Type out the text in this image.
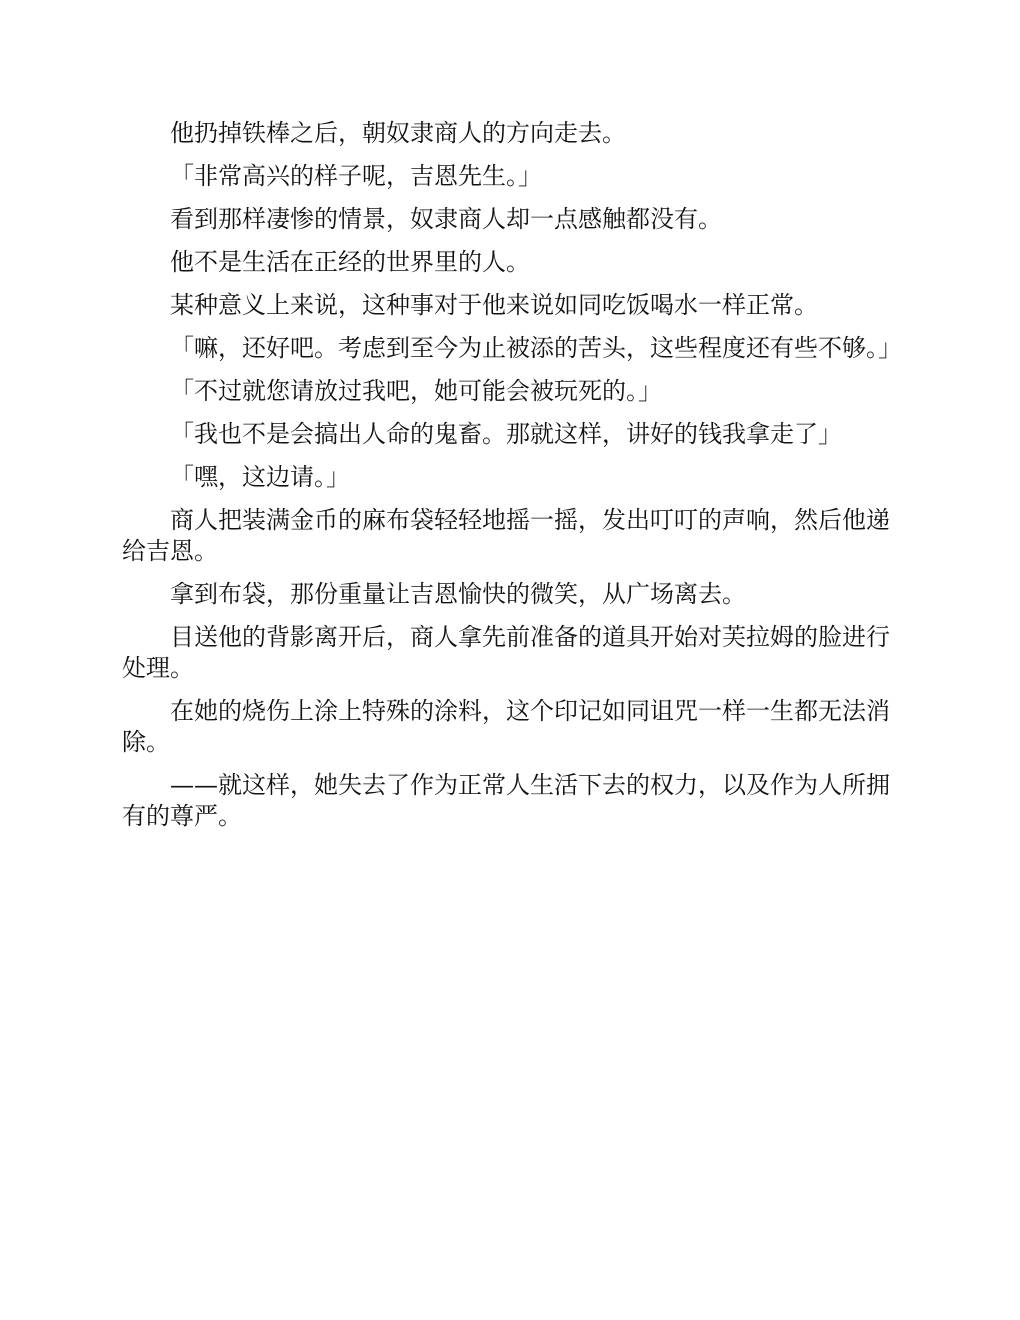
他扔掉铁棒之后，朝奴隶商人的方向走去。

「非常高兴的样子呢，吉恩先生。」

看到那样凄惨的情景，奴隶商人却一点感触都没有。

他不是生活在正经的世界里的人。

某种意义上来说，这种事对于他来说如同吃饭喝水一样正常。

「嘛，还好吧。考虑到至今为止被添的苦头，这些程度还有些不够。」

「不过就您请放过我吧，她可能会被玩死的。」

「我也不是会搞出人命的鬼畜。那就这样，讲好的钱我拿走了」

「嘿，这边请。」

商人把装满金币的麻布袋轻轻地摇一摇，发出叮叮的声响，然后他递给吉恩。

拿到布袋，那份重量让吉恩愉快的微笑，从广场离去。

目送他的背影离开后，商人拿先前准备的道具开始对芙拉姆的脸进行处理。

在她的烧伤上涂上特殊的涂料，这个印记如同诅咒一样一生都无法消除。

——就这样，她失去了作为正常人生活下去的权力，以及作为人所拥有的尊严。
